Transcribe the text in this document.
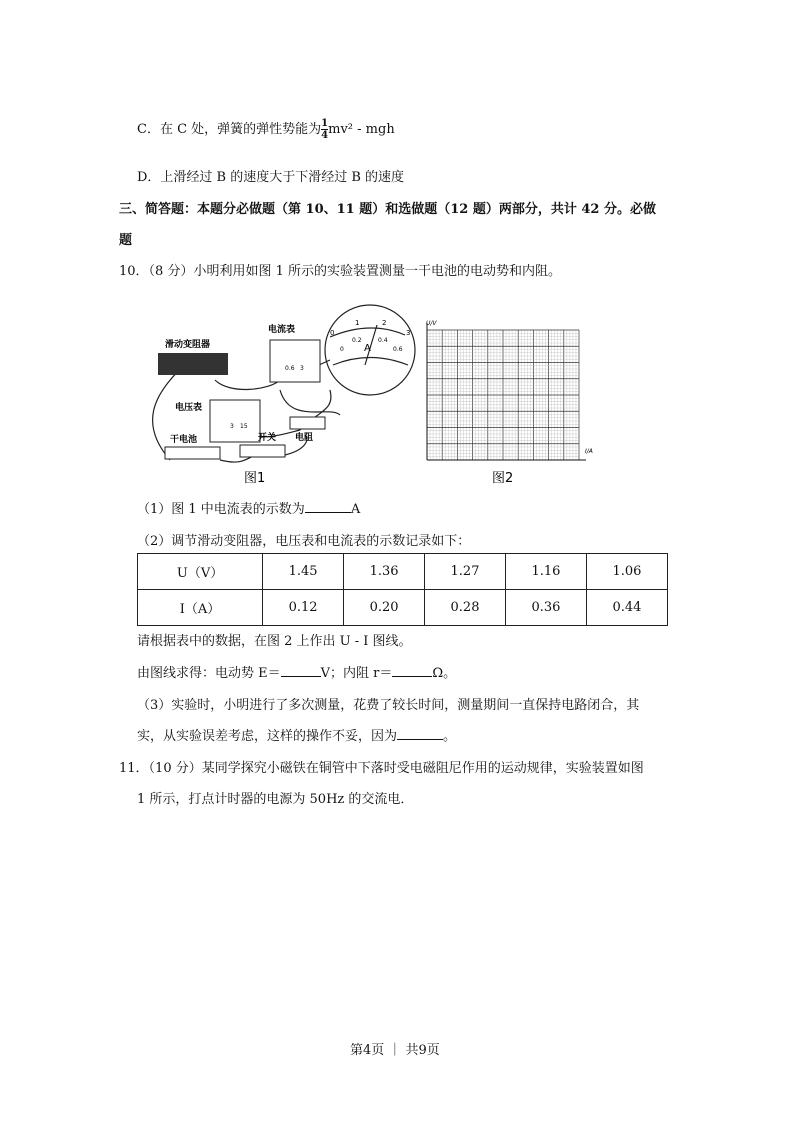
C．在 C 处，弹簧的弹性势能为 $\frac{1}{4} mv^2$ - mgh
D．上滑经过 B 的速度大于下滑经过 B 的速度
三、简答题：本题分必做题（第 10、11 题）和选做题（12 题）两部分，共计 42 分。必做
题
10．（8 分）小明利用如图 1 所示的实验装置测量一干电池的电动势和内阻。
滑动变阻器
电流表
电压表
干电池	开关 电阻
0.6 3
3 15
0
1	2
3
0
0.2	0.4
0.6
A
图1
U/V
I/A
图2
（1）图 1 中电流表的示数为	A
（2）调节滑动变阻器，电压表和电流表的示数记录如下：
U（V）	1.45	1.36	1.27	1.16	1.06
I（A）	0.12	0.20	0.28	0.36	0.44
请根据表中的数据，在图 2 上作出 U - I 图线。
由图线求得：电动势 E＝	V；内阻 r＝	Ω。
（3）实验时，小明进行了多次测量，花费了较长时间，测量期间一直保持电路闭合，其
实，从实验误差考虑，这样的操作不妥，因为	。
11．（10 分）某同学探究小磁铁在铜管中下落时受电磁阻尼作用的运动规律，实验装置如图
1 所示，打点计时器的电源为 50Hz 的交流电．
第4页 ｜ 共9页
